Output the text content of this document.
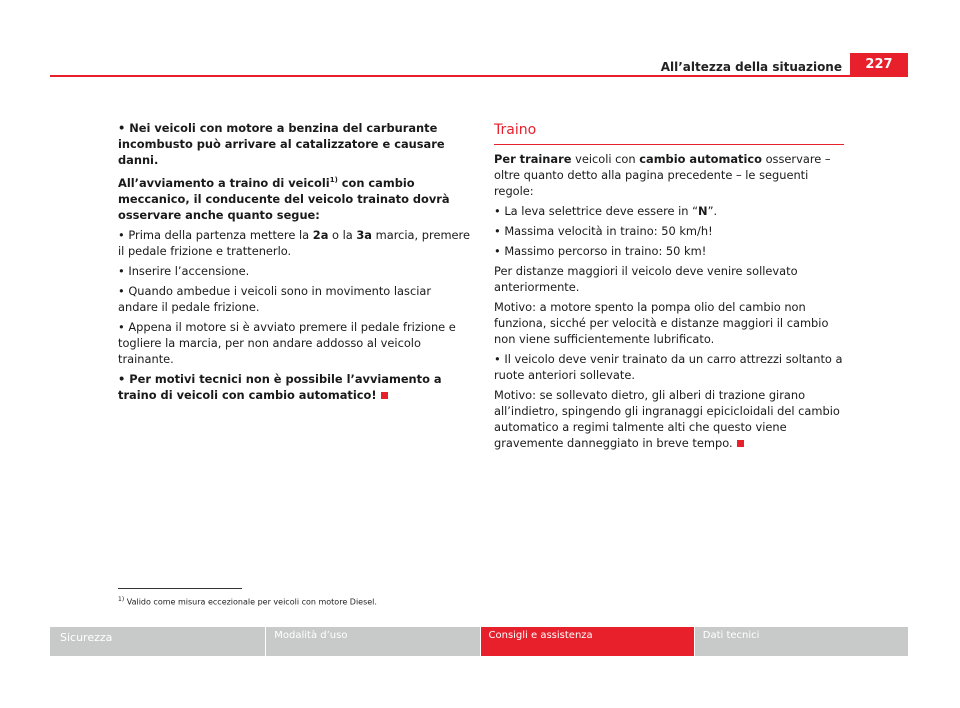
All’altezza della situazione	227

• Nei veicoli con motore a benzina del carburante incombusto può arrivare al catalizzatore e causare danni.

All’avviamento a traino di veicoli$^{1)}$ con cambio meccanico, il conducente del veicolo trainato dovrà osservare anche quanto segue:

• Prima della partenza mettere la 2a o la 3a marcia, premere il pedale frizione e trattenerlo.

• Inserire l’accensione.

• Quando ambedue i veicoli sono in movimento lasciar andare il pedale frizione.

• Appena il motore si è avviato premere il pedale frizione e togliere la marcia, per non andare addosso al veicolo trainante.

• Per motivi tecnici non è possibile l’avviamento a traino di veicoli con cambio automatico!

Traino

Per trainare veicoli con cambio automatico osservare – oltre quanto detto alla pagina precedente – le seguenti regole:

• La leva selettrice deve essere in “N”.

• Massima velocità in traino: 50 km/h!

• Massimo percorso in traino: 50 km!

Per distanze maggiori il veicolo deve venire sollevato anteriormente.

Motivo: a motore spento la pompa olio del cambio non funziona, sicché per velocità e distanze maggiori il cambio non viene sufficientemente lubrificato.

• Il veicolo deve venir trainato da un carro attrezzi soltanto a ruote anteriori sollevate.

Motivo: se sollevato dietro, gli alberi di trazione girano all’indietro, spingendo gli ingranaggi epicicloidali del cambio automatico a regimi talmente alti che questo viene gravemente danneggiato in breve tempo.

$^{1)}$ Valido come misura eccezionale per veicoli con motore Diesel.
Sicurezza	Modalità d’uso	Consigli e assistenza	Dati tecnici
